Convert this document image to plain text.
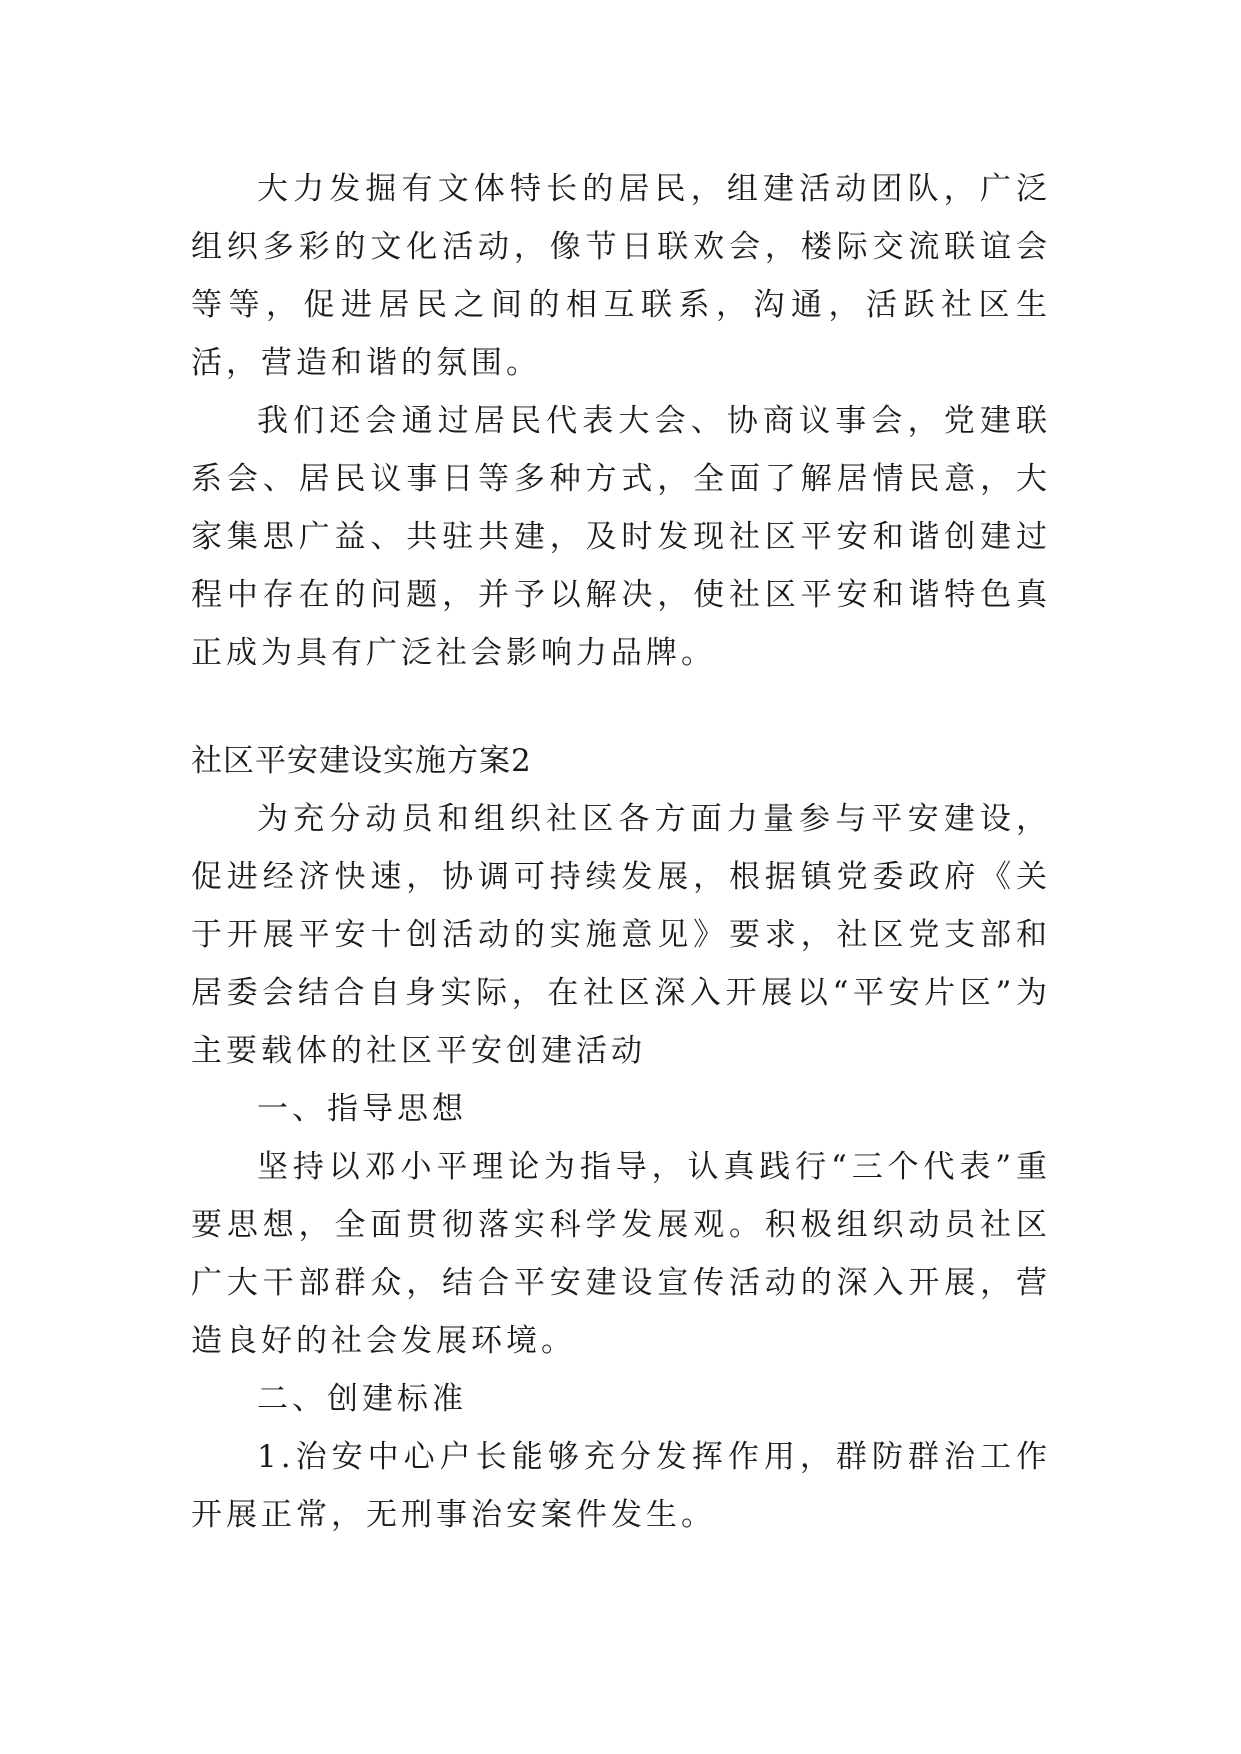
大力发掘有文体特长的居民，组建活动团队，广泛组织多彩的文化活动，像节日联欢会，楼际交流联谊会等等，促进居民之间的相互联系，沟通，活跃社区生活，营造和谐的氛围。

我们还会通过居民代表大会、协商议事会，党建联系会、居民议事日等多种方式，全面了解居情民意，大家集思广益、共驻共建，及时发现社区平安和谐创建过程中存在的问题，并予以解决，使社区平安和谐特色真正成为具有广泛社会影响力品牌。

社区平安建设实施方案2

为充分动员和组织社区各方面力量参与平安建设，促进经济快速，协调可持续发展，根据镇党委政府《关于开展平安十创活动的实施意见》要求，社区党支部和居委会结合自身实际，在社区深入开展以“平安片区”为主要载体的社区平安创建活动

一、指导思想

坚持以邓小平理论为指导，认真践行“三个代表”重要思想，全面贯彻落实科学发展观。积极组织动员社区广大干部群众，结合平安建设宣传活动的深入开展，营造良好的社会发展环境。

二、创建标准

1.治安中心户长能够充分发挥作用，群防群治工作开展正常，无刑事治安案件发生。
